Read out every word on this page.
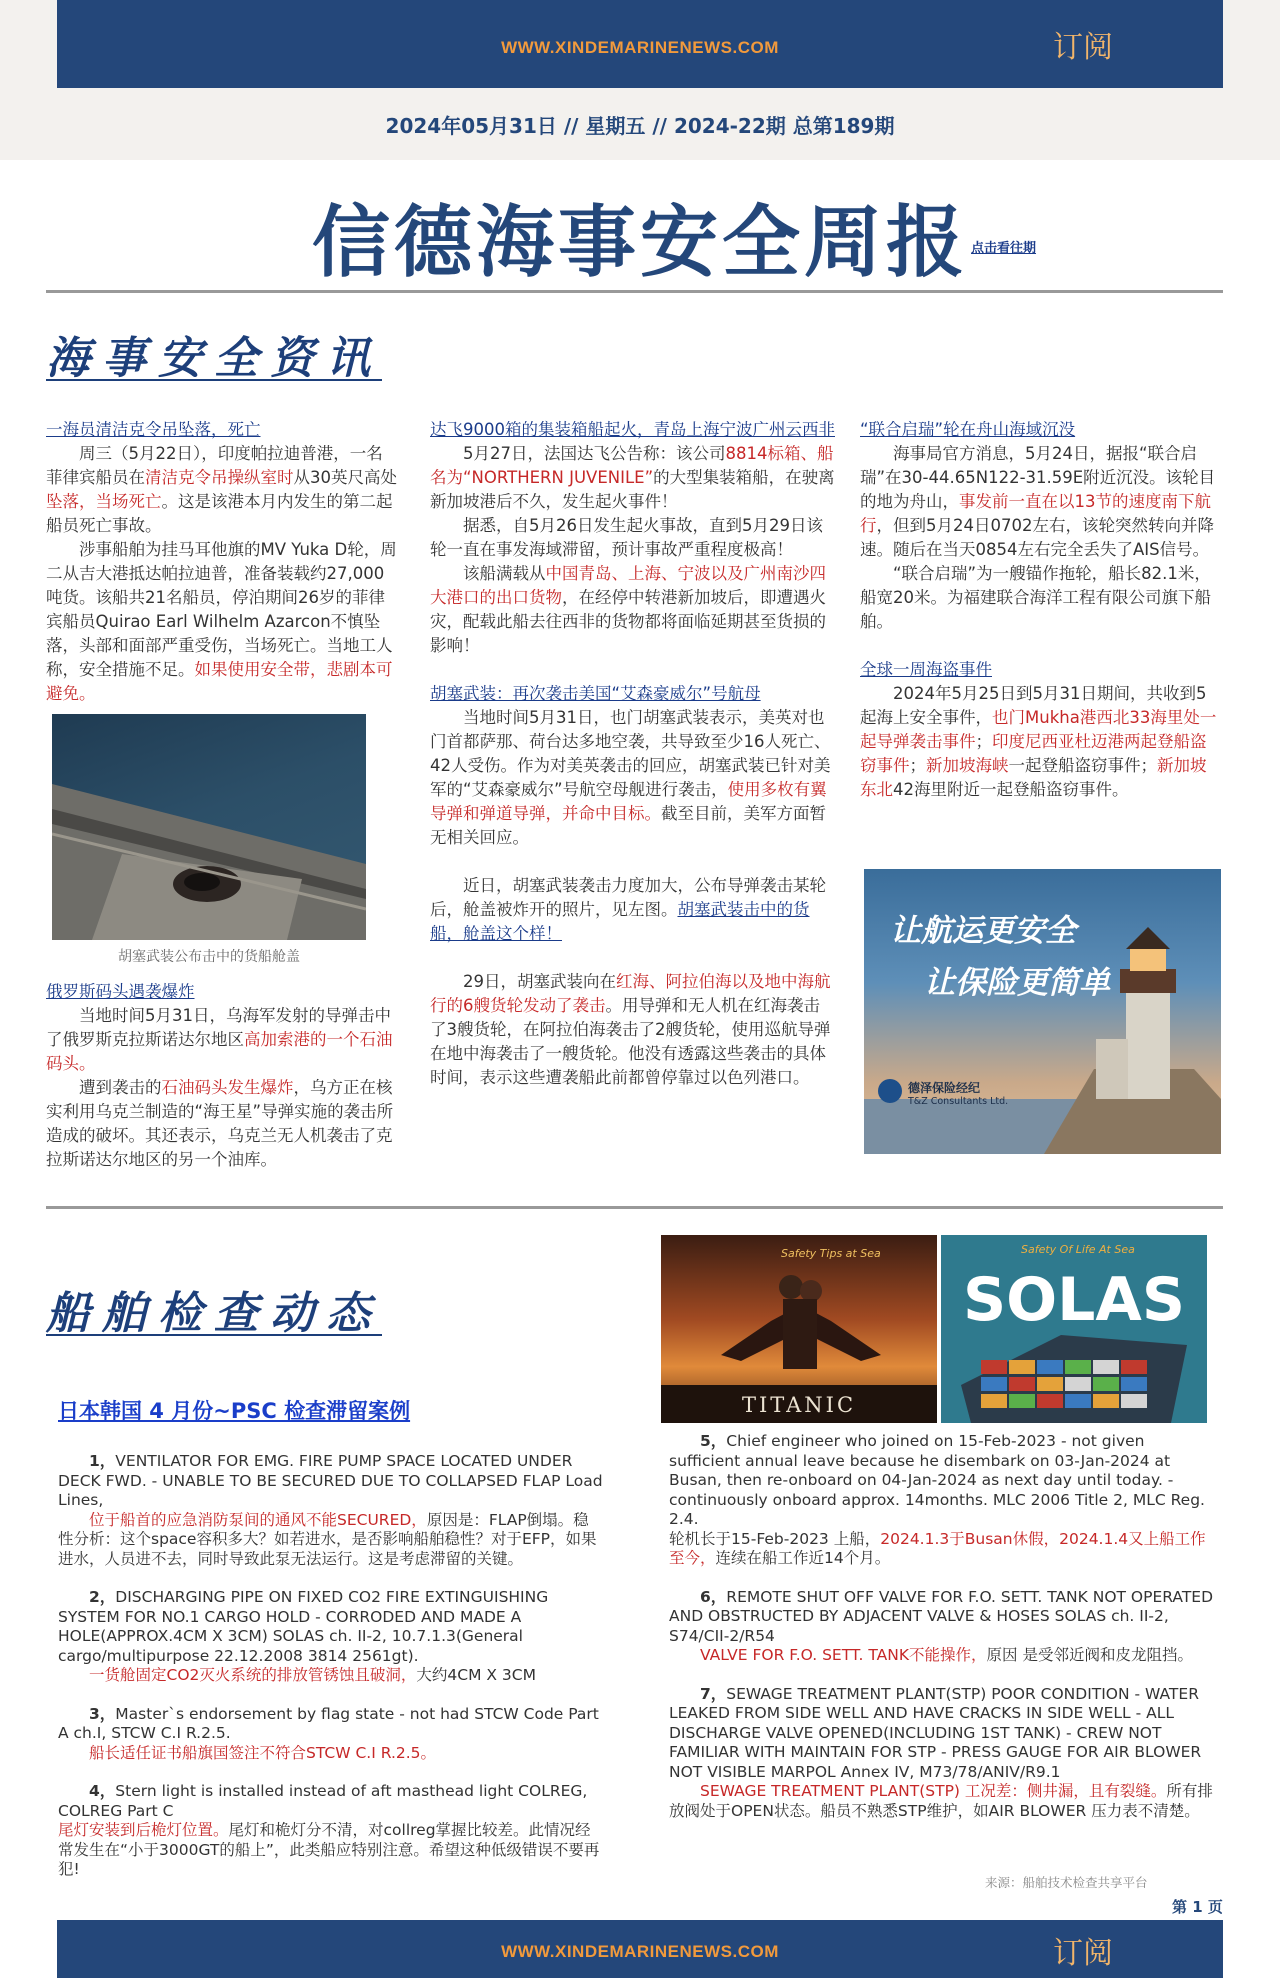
WWW.XINDEMARINENEWS.COM	订阅
2024年05月31日 // 星期五 // 2024-22期 总第189期
信德海事安全周报 点击看往期
海事安全资讯

一海员清洁克令吊坠落，死亡

周三（5月22日），印度帕拉迪普港，一名菲律宾船员在清洁克令吊操纵室时从30英尺高处坠落，当场死亡。这是该港本月内发生的第二起船员死亡事故。

涉事船舶为挂马耳他旗的MV Yuka D轮，周二从吉大港抵达帕拉迪普，准备装载约27,000吨货。该船共21名船员，停泊期间26岁的菲律宾船员Quirao Earl Wilhelm Azarcon不慎坠落，头部和面部严重受伤，当场死亡。当地工人称，安全措施不足。如果使用安全带，悲剧本可避免。

胡塞武装公布击中的货船舱盖

俄罗斯码头遇袭爆炸

当地时间5月31日，乌海军发射的导弹击中了俄罗斯克拉斯诺达尔地区高加索港的一个石油码头。

遭到袭击的石油码头发生爆炸，乌方正在核实利用乌克兰制造的“海王星”导弹实施的袭击所造成的破坏。其还表示，乌克兰无人机袭击了克拉斯诺达尔地区的另一个油库。

达飞9000箱的集装箱船起火，青岛上海宁波广州云西非

5月27日，法国达飞公告称：该公司8814标箱、船名为“NORTHERN JUVENILE”的大型集装箱船，在驶离新加坡港后不久，发生起火事件！

据悉，自5月26日发生起火事故，直到5月29日该轮一直在事发海域滞留，预计事故严重程度极高！

该船满载从中国青岛、上海、宁波以及广州南沙四大港口的出口货物，在经停中转港新加坡后，即遭遇火灾，配载此船去往西非的货物都将面临延期甚至货损的影响！

胡塞武装：再次袭击美国“艾森豪威尔”号航母

当地时间5月31日，也门胡塞武装表示，美英对也门首都萨那、荷台达多地空袭，共导致至少16人死亡、42人受伤。作为对美英袭击的回应，胡塞武装已针对美军的“艾森豪威尔”号航空母舰进行袭击，使用多枚有翼导弹和弹道导弹，并命中目标。截至目前，美军方面暂无相关回应。

近日，胡塞武装袭击力度加大，公布导弹袭击某轮后，舱盖被炸开的照片，见左图。胡塞武装击中的货船，舱盖这个样！

29日，胡塞武装向在红海、阿拉伯海以及地中海航行的6艘货轮发动了袭击。用导弹和无人机在红海袭击了3艘货轮，在阿拉伯海袭击了2艘货轮，使用巡航导弹在地中海袭击了一艘货轮。他没有透露这些袭击的具体时间，表示这些遭袭船此前都曾停靠过以色列港口。

“联合启瑞”轮在舟山海域沉没

海事局官方消息，5月24日，据报“联合启瑞”在30-44.65N122-31.59E附近沉没。该轮目的地为舟山，事发前一直在以13节的速度南下航行，但到5月24日0702左右，该轮突然转向并降速。随后在当天0854左右完全丢失了AIS信号。

“联合启瑞”为一艘锚作拖轮，船长82.1米，船宽20米。为福建联合海洋工程有限公司旗下船舶。

全球一周海盗事件

2024年5月25日到5月31日期间，共收到5起海上安全事件，也门Mukha港西北33海里处一起导弹袭击事件；印度尼西亚杜迈港两起登船盗窃事件；新加坡海峡一起登船盗窃事件；新加坡东北42海里附近一起登船盗窃事件。

让航运更安全
让保险更简单
德泽保险经纪
T&Z Consultants Ltd.
船舶检查动态
Safety Tips at Sea
TITANIC
Safety Of Life At Sea
SOLAS
日本韩国 4 月份~PSC 检查滞留案例
1，VENTILATOR FOR EMG. FIRE PUMP SPACE LOCATED UNDER DECK FWD. - UNABLE TO BE SECURED DUE TO COLLAPSED FLAP Load Lines,
位于船首的应急消防泵间的通风不能SECURED，原因是：FLAP倒塌。稳性分析：这个space容积多大？如若进水，是否影响船舶稳性？对于EFP，如果进水，人员进不去，同时导致此泵无法运行。这是考虑滞留的关键。
2，DISCHARGING PIPE ON FIXED CO2 FIRE EXTINGUISHING SYSTEM FOR NO.1 CARGO HOLD - CORRODED AND MADE A HOLE(APPROX.4CM X 3CM) SOLAS ch. II-2, 10.7.1.3(General cargo/multipurpose 22.12.2008 3814 2561gt).
一货舱固定CO2灭火系统的排放管锈蚀且破洞，大约4CM X 3CM
3，Master`s endorsement by flag state - not had STCW Code Part A ch.I, STCW C.I R.2.5.
船长适任证书船旗国签注不符合STCW C.I R.2.5。
4，Stern light is installed instead of aft masthead light COLREG, COLREG Part C
尾灯安装到后桅灯位置。尾灯和桅灯分不清，对collreg掌握比较差。此情况经常发生在“小于3000GT的船上”，此类船应特别注意。希望这种低级错误不要再犯!
5，Chief engineer who joined on 15-Feb-2023 - not given sufficient annual leave because he disembark on 03-Jan-2024 at Busan, then re-onboard on 04-Jan-2024 as next day until today. - continuously onboard approx. 14months. MLC 2006 Title 2, MLC Reg. 2.4.
轮机长于15-Feb-2023 上船，2024.1.3于Busan休假，2024.1.4又上船工作至今，连续在船工作近14个月。
6，REMOTE SHUT OFF VALVE FOR F.O. SETT. TANK NOT OPERATED AND OBSTRUCTED BY ADJACENT VALVE & HOSES SOLAS ch. II-2, S74/CII-2/R54
VALVE FOR F.O. SETT. TANK不能操作，原因 是受邻近阀和皮龙阻挡。
7，SEWAGE TREATMENT PLANT(STP) POOR CONDITION - WATER LEAKED FROM SIDE WELL AND HAVE CRACKS IN SIDE WELL - ALL DISCHARGE VALVE OPENED(INCLUDING 1ST TANK) - CREW NOT FAMILIAR WITH MAINTAIN FOR STP - PRESS GAUGE FOR AIR BLOWER NOT VISIBLE MARPOL Annex IV, M73/78/ANIV/R9.1
SEWAGE TREATMENT PLANT(STP) 工况差：侧井漏，且有裂缝。所有排放阀处于OPEN状态。船员不熟悉STP维护，如AIR BLOWER 压力表不清楚。
来源：船舶技术检查共享平台
第 1 页
WWW.XINDEMARINENEWS.COM	订阅
